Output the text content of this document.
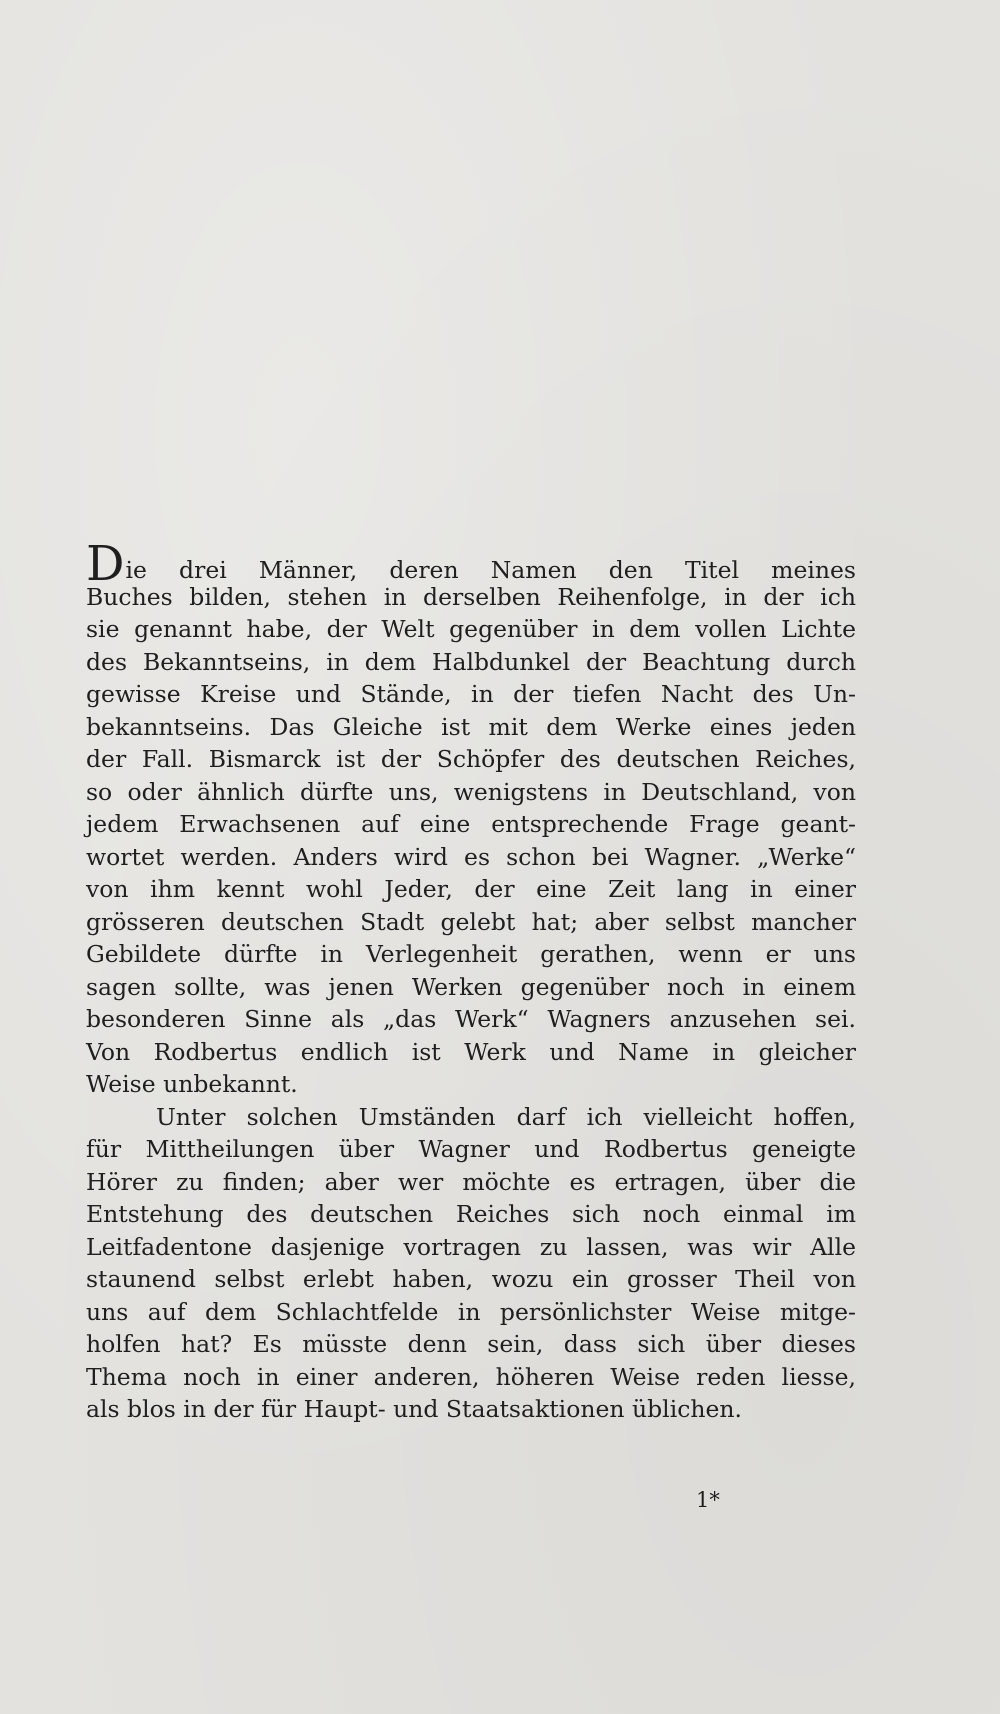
Die drei Männer, deren Namen den Titel meines
Buches bilden, stehen in derselben Reihenfolge, in der ich
sie genannt habe, der Welt gegenüber in dem vollen Lichte
des Bekanntseins, in dem Halbdunkel der Beachtung durch
gewisse Kreise und Stände, in der tiefen Nacht des Un-
bekanntseins. Das Gleiche ist mit dem Werke eines jeden
der Fall. Bismarck ist der Schöpfer des deutschen Reiches,
so oder ähnlich dürfte uns, wenigstens in Deutschland, von
jedem Erwachsenen auf eine entsprechende Frage geant-
wortet werden. Anders wird es schon bei Wagner. „Werke“
von ihm kennt wohl Jeder, der eine Zeit lang in einer
grösseren deutschen Stadt gelebt hat; aber selbst mancher
Gebildete dürfte in Verlegenheit gerathen, wenn er uns
sagen sollte, was jenen Werken gegenüber noch in einem
besonderen Sinne als „das Werk“ Wagners anzusehen sei.
Von Rodbertus endlich ist Werk und Name in gleicher
Weise unbekannt.
Unter solchen Umständen darf ich vielleicht hoffen,
für Mittheilungen über Wagner und Rodbertus geneigte
Hörer zu finden; aber wer möchte es ertragen, über die
Entstehung des deutschen Reiches sich noch einmal im
Leitfadentone dasjenige vortragen zu lassen, was wir Alle
staunend selbst erlebt haben, wozu ein grosser Theil von
uns auf dem Schlachtfelde in persönlichster Weise mitge-
holfen hat? Es müsste denn sein, dass sich über dieses
Thema noch in einer anderen, höheren Weise reden liesse,
als blos in der für Haupt- und Staatsaktionen üblichen.
1*
